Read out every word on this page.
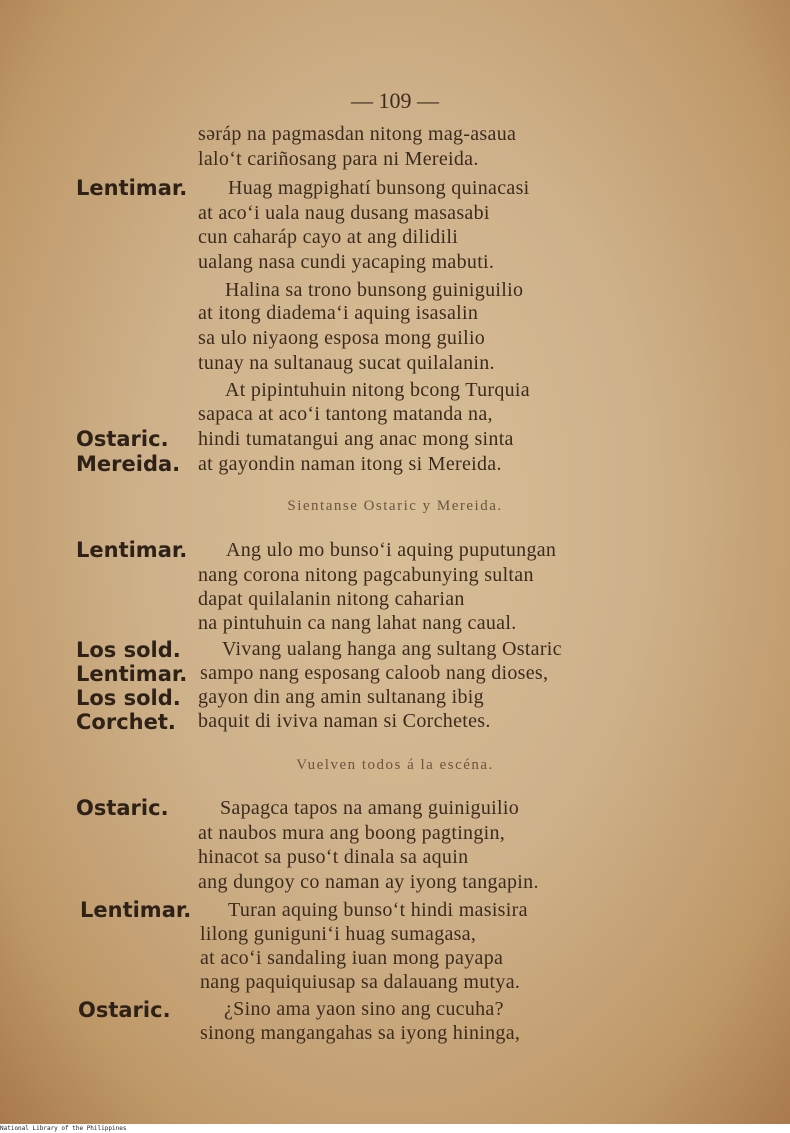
— 109 —
sǝráp na pagmasdan nitong mag-asaua
lalo‘t cariñosang para ni Mereida.
Lentimar. Huag magpighatí bunsong quinacasi
at aco‘i uala naug dusang masasabi
cun caharáp cayo at ang dilidili
ualang nasa cundi yacaping mabuti.
Halina sa trono bunsong guiniguilio
at itong diadema‘i aquing isasalin
sa ulo niyaong esposa mong guilio
tunay na sultanaug sucat quilalanin.
At pipintuhuin nitong bcong Turquia
sapaca at aco‘i tantong matanda na,
Ostaric. hindi tumatangui ang anac mong sinta
Mereida. at gayondin naman itong si Mereida.
Sientanse Ostaric y Mereida.
Lentimar. Ang ulo mo bunso‘i aquing puputungan
nang corona nitong pagcabunying sultan
dapat quilalanin nitong caharian
na pintuhuin ca nang lahat nang caual.
Los sold. Vivang ualang hanga ang sultang Ostaric
Lentimar. sampo nang esposang caloob nang dioses,
Los sold. gayon din ang amin sultanang ibig
Corchet. baquit di iviva naman si Corchetes.
Vuelven todos á la escéna.
Ostaric.	Sapagca tapos na amang guiniguilio
at naubos mura ang boong pagtingin,
hinacot sa puso‘t dinala sa aquin
ang dungoy co naman ay iyong tangapin.
Lentimar. Turan aquing bunso‘t hindi masisira
lilong guniguni‘i huag sumagasa,
at aco‘i sandaling iuan mong payapa
nang paquiquiusap sa dalauang mutya.
Ostaric.	¿Sino ama yaon sino ang cucuha?
sinong mangangahas sa iyong hininga,
National Library of the Philippines
